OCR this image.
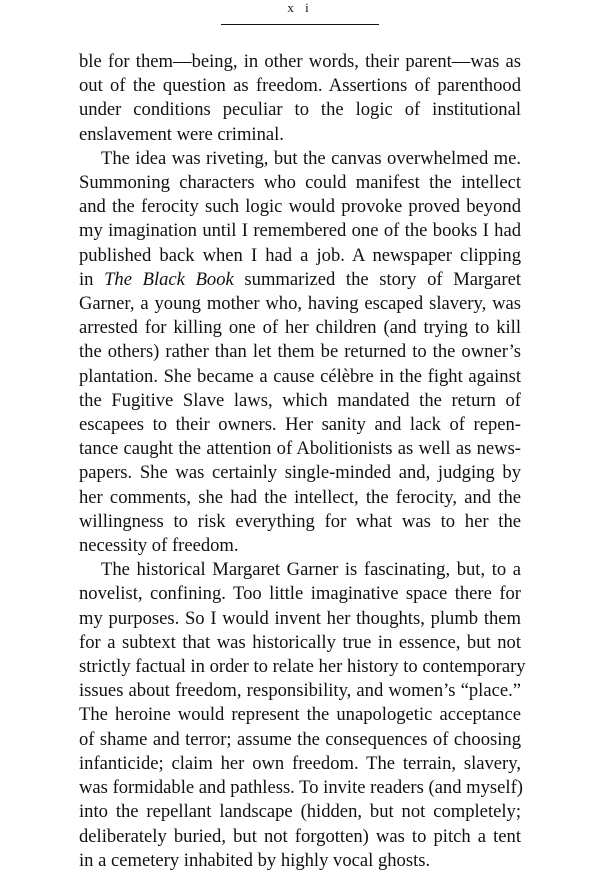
x i

ble for them—being, in other words, their parent—was as
out of the question as freedom. Assertions of parenthood
under conditions peculiar to the logic of institutional
enslavement were criminal.

The idea was riveting, but the canvas overwhelmed me.
Summoning characters who could manifest the intellect
and the ferocity such logic would provoke proved beyond
my imagination until I remembered one of the books I had
published back when I had a job. A newspaper clipping
in The Black Book summarized the story of Margaret
Garner, a young mother who, having escaped slavery, was
arrested for killing one of her children (and trying to kill
the others) rather than let them be returned to the owner’s
plantation. She became a cause célèbre in the fight against
the Fugitive Slave laws, which mandated the return of
escapees to their owners. Her sanity and lack of repen-
tance caught the attention of Abolitionists as well as news-
papers. She was certainly single-minded and, judging by
her comments, she had the intellect, the ferocity, and the
willingness to risk everything for what was to her the
necessity of freedom.

The historical Margaret Garner is fascinating, but, to a
novelist, confining. Too little imaginative space there for
my purposes. So I would invent her thoughts, plumb them
for a subtext that was historically true in essence, but not
strictly factual in order to relate her history to contemporary
issues about freedom, responsibility, and women’s “place.”
The heroine would represent the unapologetic acceptance
of shame and terror; assume the consequences of choosing
infanticide; claim her own freedom. The terrain, slavery,
was formidable and pathless. To invite readers (and myself)
into the repellant landscape (hidden, but not completely;
deliberately buried, but not forgotten) was to pitch a tent
in a cemetery inhabited by highly vocal ghosts.
